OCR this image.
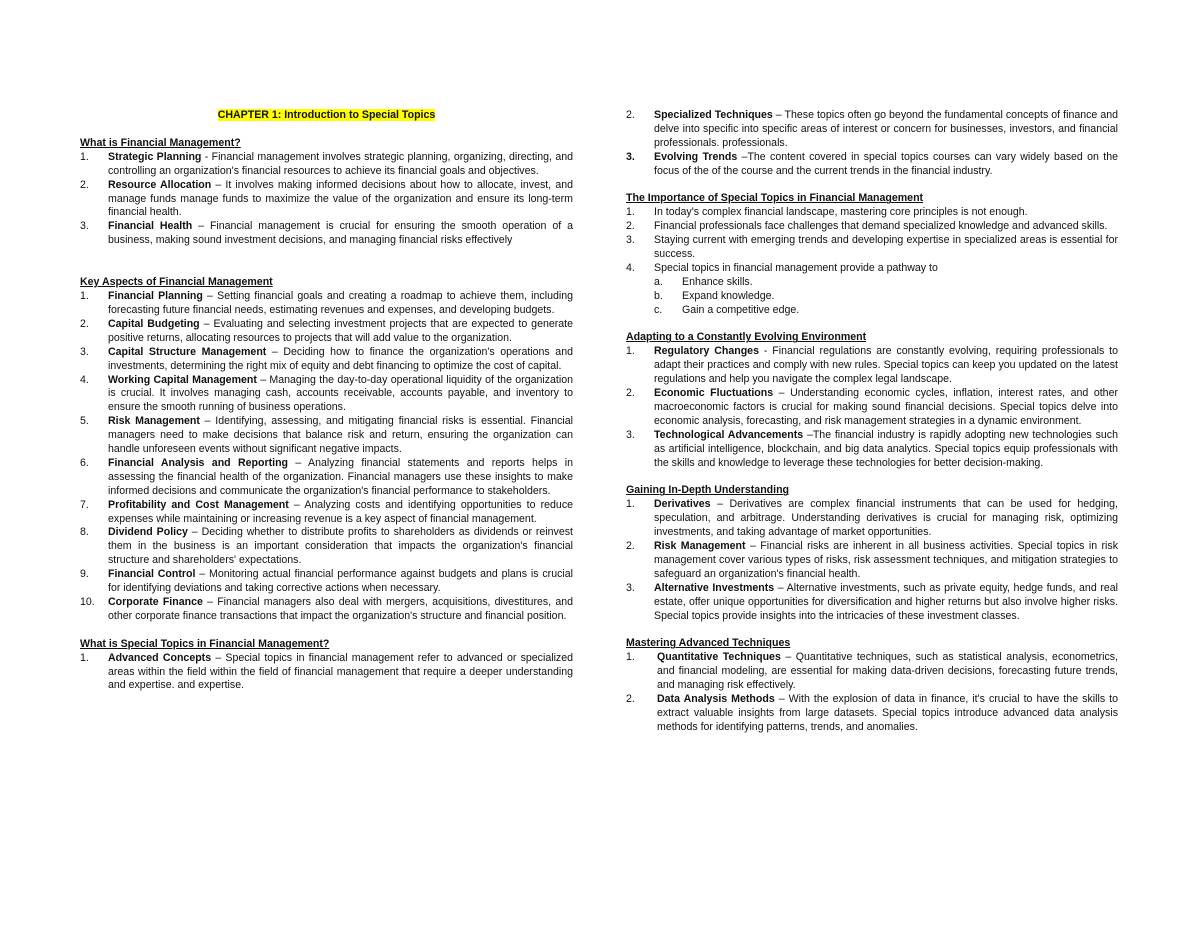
CHAPTER 1: Introduction to Special Topics
What is Financial Management?
1.	Strategic Planning - Financial management involves strategic planning, organizing, directing, and controlling an organization's financial resources to achieve its financial goals and objectives.
2.	Resource Allocation – It involves making informed decisions about how to allocate, invest, and manage funds manage funds to maximize the value of the organization and ensure its long-term financial health.
3.	Financial Health – Financial management is crucial for ensuring the smooth operation of a business, making sound investment decisions, and managing financial risks effectively
Key Aspects of Financial Management
1.	Financial Planning – Setting financial goals and creating a roadmap to achieve them, including forecasting future financial needs, estimating revenues and expenses, and developing budgets.
2.	Capital Budgeting – Evaluating and selecting investment projects that are expected to generate positive returns, allocating resources to projects that will add value to the organization.
3.	Capital Structure Management – Deciding how to finance the organization's operations and investments, determining the right mix of equity and debt financing to optimize the cost of capital.
4.	Working Capital Management – Managing the day-to-day operational liquidity of the organization is crucial. It involves managing cash, accounts receivable, accounts payable, and inventory to ensure the smooth running of business operations.
5.	Risk Management – Identifying, assessing, and mitigating financial risks is essential. Financial managers need to make decisions that balance risk and return, ensuring the organization can handle unforeseen events without significant negative impacts.
6.	Financial Analysis and Reporting – Analyzing financial statements and reports helps in assessing the financial health of the organization. Financial managers use these insights to make informed decisions and communicate the organization's financial performance to stakeholders.
7.	Profitability and Cost Management – Analyzing costs and identifying opportunities to reduce expenses while maintaining or increasing revenue is a key aspect of financial management.
8.	Dividend Policy – Deciding whether to distribute profits to shareholders as dividends or reinvest them in the business is an important consideration that impacts the organization's financial structure and shareholders' expectations.
9.	Financial Control – Monitoring actual financial performance against budgets and plans is crucial for identifying deviations and taking corrective actions when necessary.
10.	Corporate Finance – Financial managers also deal with mergers, acquisitions, divestitures, and other corporate finance transactions that impact the organization's structure and financial position.
What is Special Topics in Financial Management?
1.	Advanced Concepts – Special topics in financial management refer to advanced or specialized areas within the field within the field of financial management that require a deeper understanding and expertise. and expertise.
2.	Specialized Techniques – These topics often go beyond the fundamental concepts of finance and delve into specific into specific areas of interest or concern for businesses, investors, and financial professionals. professionals.
3.	Evolving Trends –The content covered in special topics courses can vary widely based on the focus of the of the course and the current trends in the financial industry.
The Importance of Special Topics in Financial Management
1.	In today's complex financial landscape, mastering core principles is not enough.
2.	Financial professionals face challenges that demand specialized knowledge and advanced skills.
3.	Staying current with emerging trends and developing expertise in specialized areas is essential for success.
4.	Special topics in financial management provide a pathway to
a.	Enhance skills.
b.	Expand knowledge.
c.	Gain a competitive edge.
Adapting to a Constantly Evolving Environment
1.	Regulatory Changes - Financial regulations are constantly evolving, requiring professionals to adapt their practices and comply with new rules. Special topics can keep you updated on the latest regulations and help you navigate the complex legal landscape.
2.	Economic Fluctuations – Understanding economic cycles, inflation, interest rates, and other macroeconomic factors is crucial for making sound financial decisions. Special topics delve into economic analysis, forecasting, and risk management strategies in a dynamic environment.
3.	Technological Advancements –The financial industry is rapidly adopting new technologies such as artificial intelligence, blockchain, and big data analytics. Special topics equip professionals with the skills and knowledge to leverage these technologies for better decision-making.
Gaining In-Depth Understanding
1.	Derivatives – Derivatives are complex financial instruments that can be used for hedging, speculation, and arbitrage. Understanding derivatives is crucial for managing risk, optimizing investments, and taking advantage of market opportunities.
2.	Risk Management – Financial risks are inherent in all business activities. Special topics in risk management cover various types of risks, risk assessment techniques, and mitigation strategies to safeguard an organization's financial health.
3.	Alternative Investments – Alternative investments, such as private equity, hedge funds, and real estate, offer unique opportunities for diversification and higher returns but also involve higher risks. Special topics provide insights into the intricacies of these investment classes.
Mastering Advanced Techniques
1.	Quantitative Techniques – Quantitative techniques, such as statistical analysis, econometrics, and financial modeling, are essential for making data-driven decisions, forecasting future trends, and managing risk effectively.
2.	Data Analysis Methods – With the explosion of data in finance, it's crucial to have the skills to extract valuable insights from large datasets. Special topics introduce advanced data analysis methods for identifying patterns, trends, and anomalies.
